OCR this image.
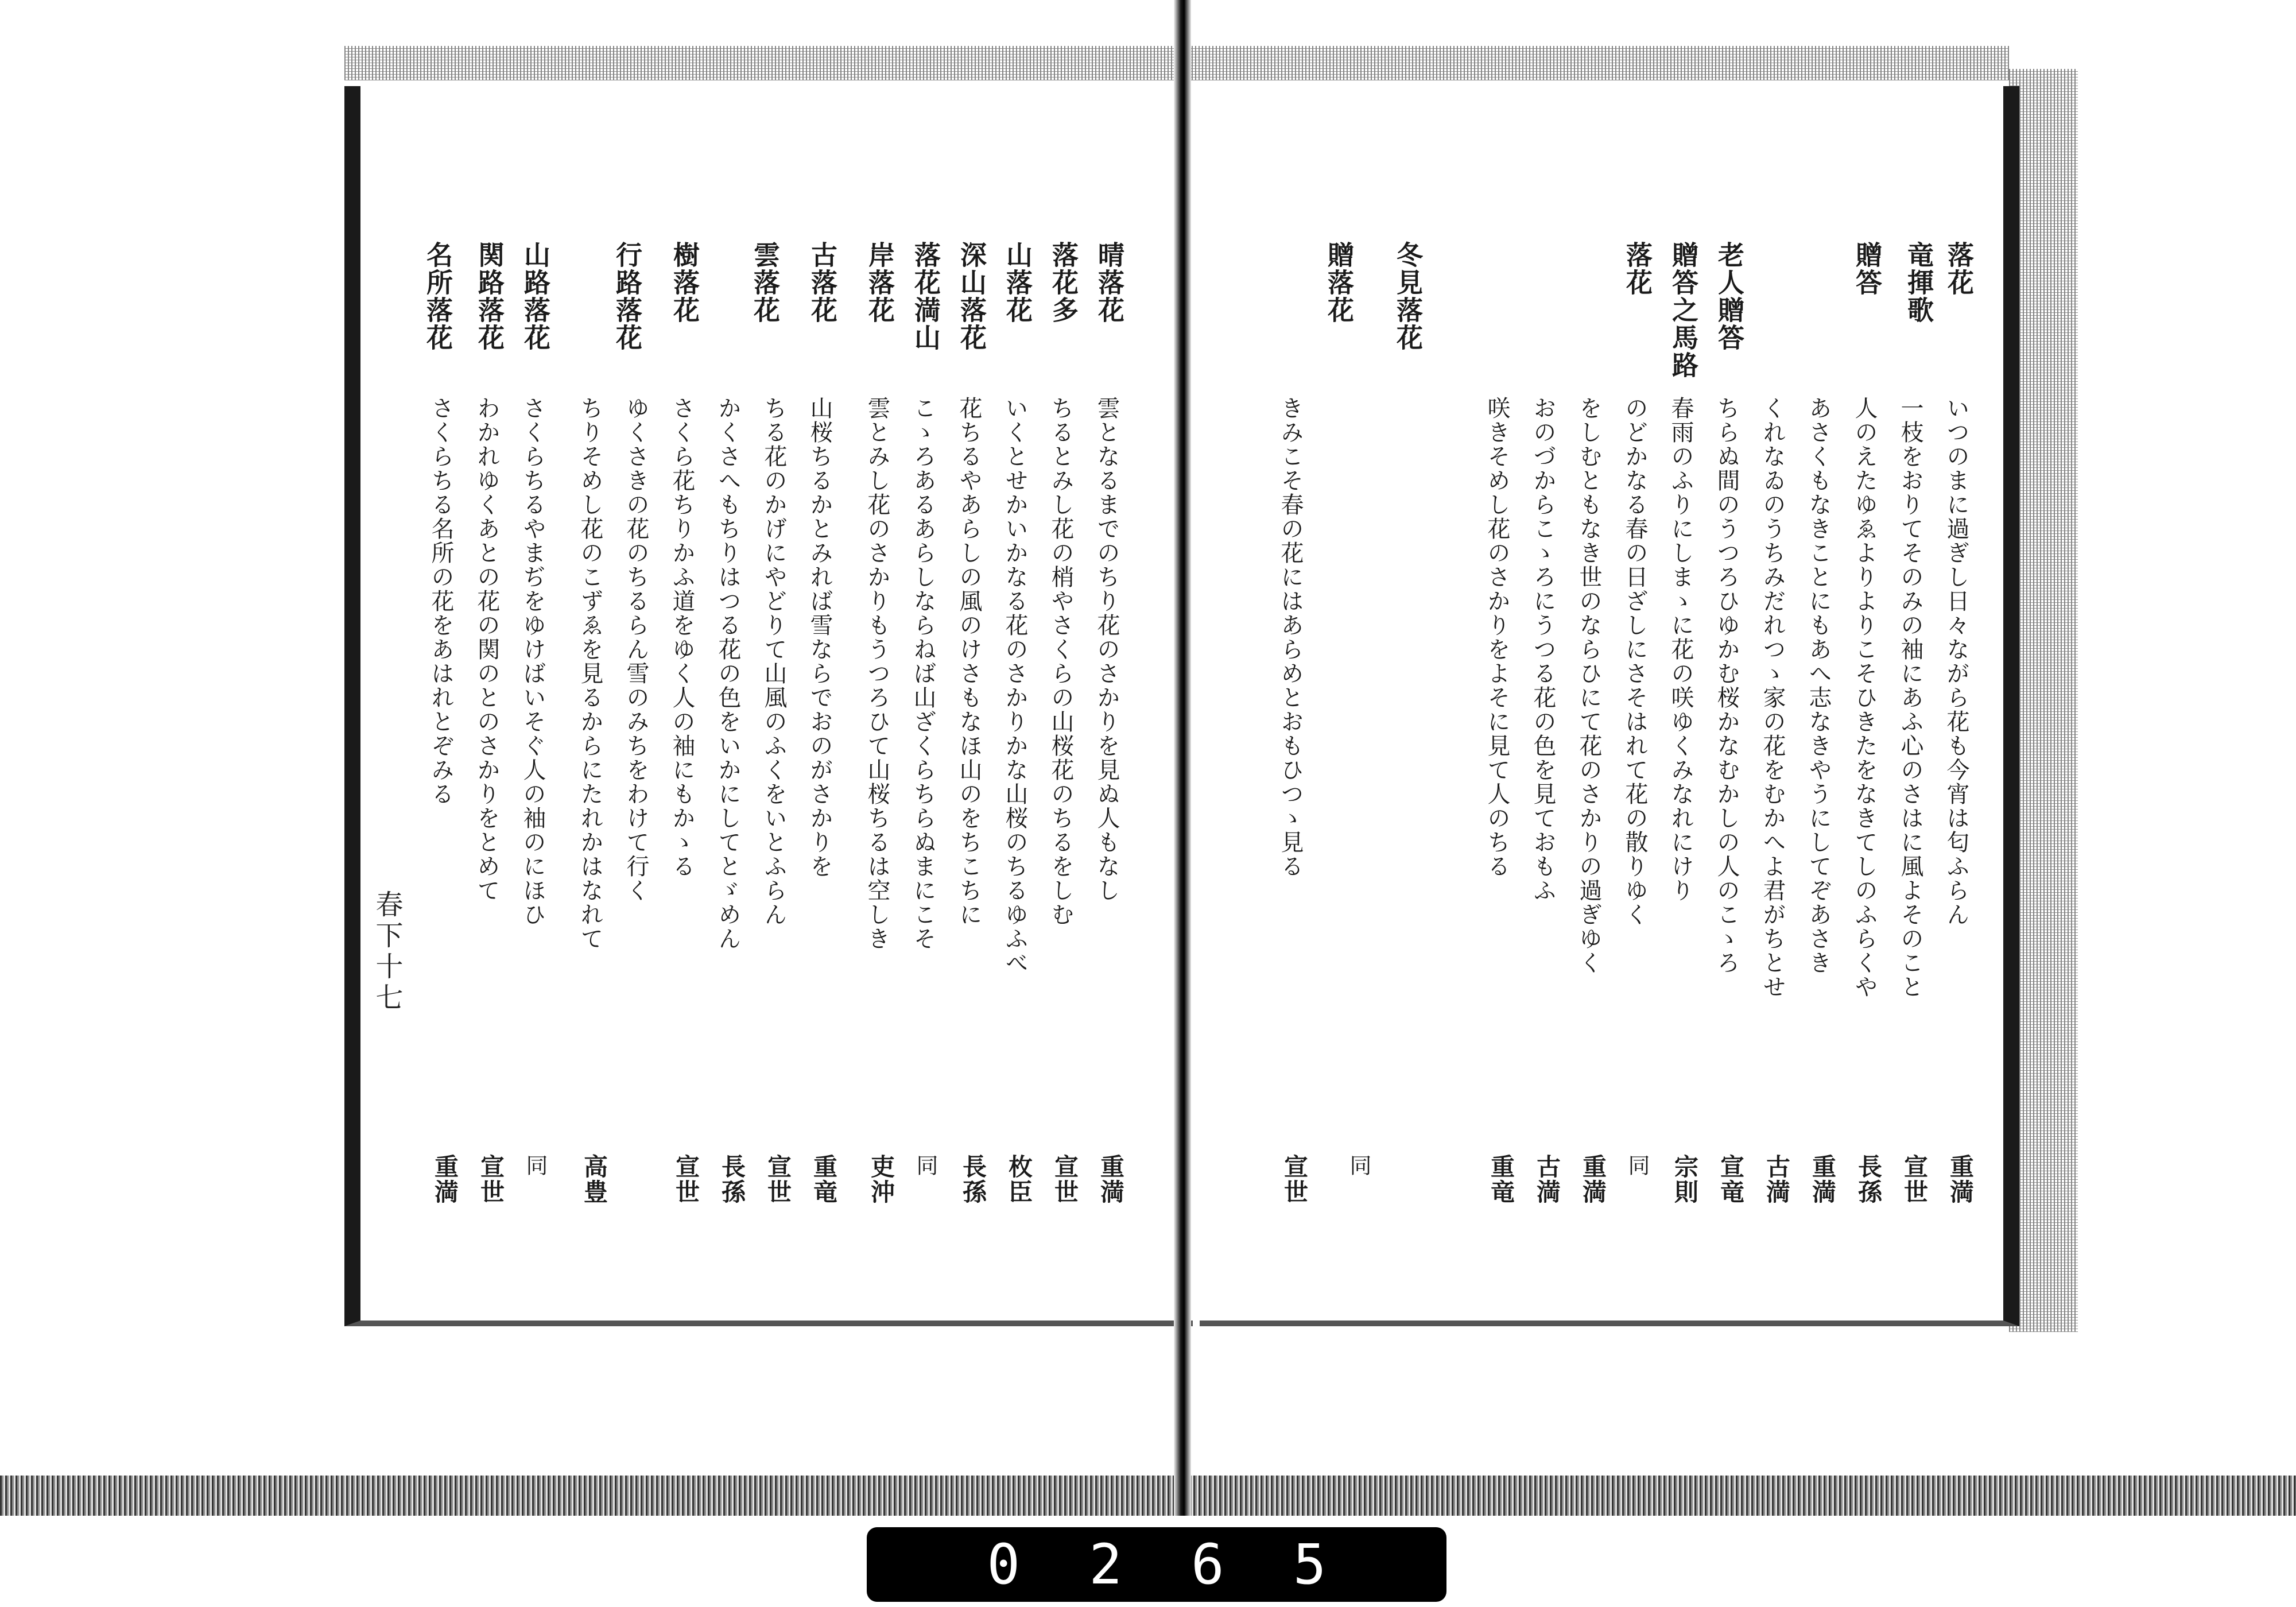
落花
竜揮歌
贈答
老人贈答
贈答之馬路
落花
冬見落花
贈落花
いつのまに過ぎし日々ながら花も今宵は匂ふらん
一枝をおりてそのみの袖にあふ心のさはに風よそのこと
人のえたゆゑよりよりこそひきたをなきてしのふらくや
あさくもなきことにもあへ志なきやうにしてぞあさき
くれなゐのうちみだれつゝ家の花をむかへよ君がちとせ
ちらぬ間のうつろひゆかむ桜かなむかしの人のこゝろ
春雨のふりにしまゝに花の咲ゆくみなれにけり
のどかなる春の日ざしにさそはれて花の散りゆく
をしむともなき世のならひにて花のさかりの過ぎゆく
おのづからこゝろにうつる花の色を見ておもふ
咲きそめし花のさかりをよそに見て人のちる
きみこそ春の花にはあらめとおもひつゝ見る
重満
宣世
長孫
重満
古満
宣竜
宗則
同
重満
古満
重竜
同
宣世
晴落花
落花多
山落花
深山落花
落花満山
岸落花
古落花
雲落花
樹落花
行路落花
山路落花
関路落花
名所落花
雲となるまでのちり花のさかりを見ぬ人もなし
ちるとみし花の梢やさくらの山桜花のちるをしむ
いくとせかいかなる花のさかりかな山桜のちるゆふべ
花ちるやあらしの風のけさもなほ山のをちこちに
こゝろあるあらしならねば山ざくらちらぬまにこそ
雲とみし花のさかりもうつろひて山桜ちるは空しき
山桜ちるかとみれば雪ならでおのがさかりを
ちる花のかげにやどりて山風のふくをいとふらん
かくさへもちりはつる花の色をいかにしてとゞめん
さくら花ちりかふ道をゆく人の袖にもかゝる
ゆくさきの花のちるらん雪のみちをわけて行く
ちりそめし花のこずゑを見るからにたれかはなれて
さくらちるやまぢをゆけばいそぐ人の袖のにほひ
わかれゆくあとの花の関のとのさかりをとめて
さくらちる名所の花をあはれとぞみる
重満
宣世
枚臣
長孫
同
吏沖
重竜
宣世
長孫
宣世
高豊
同
宣世
重満
春下十七
0265
